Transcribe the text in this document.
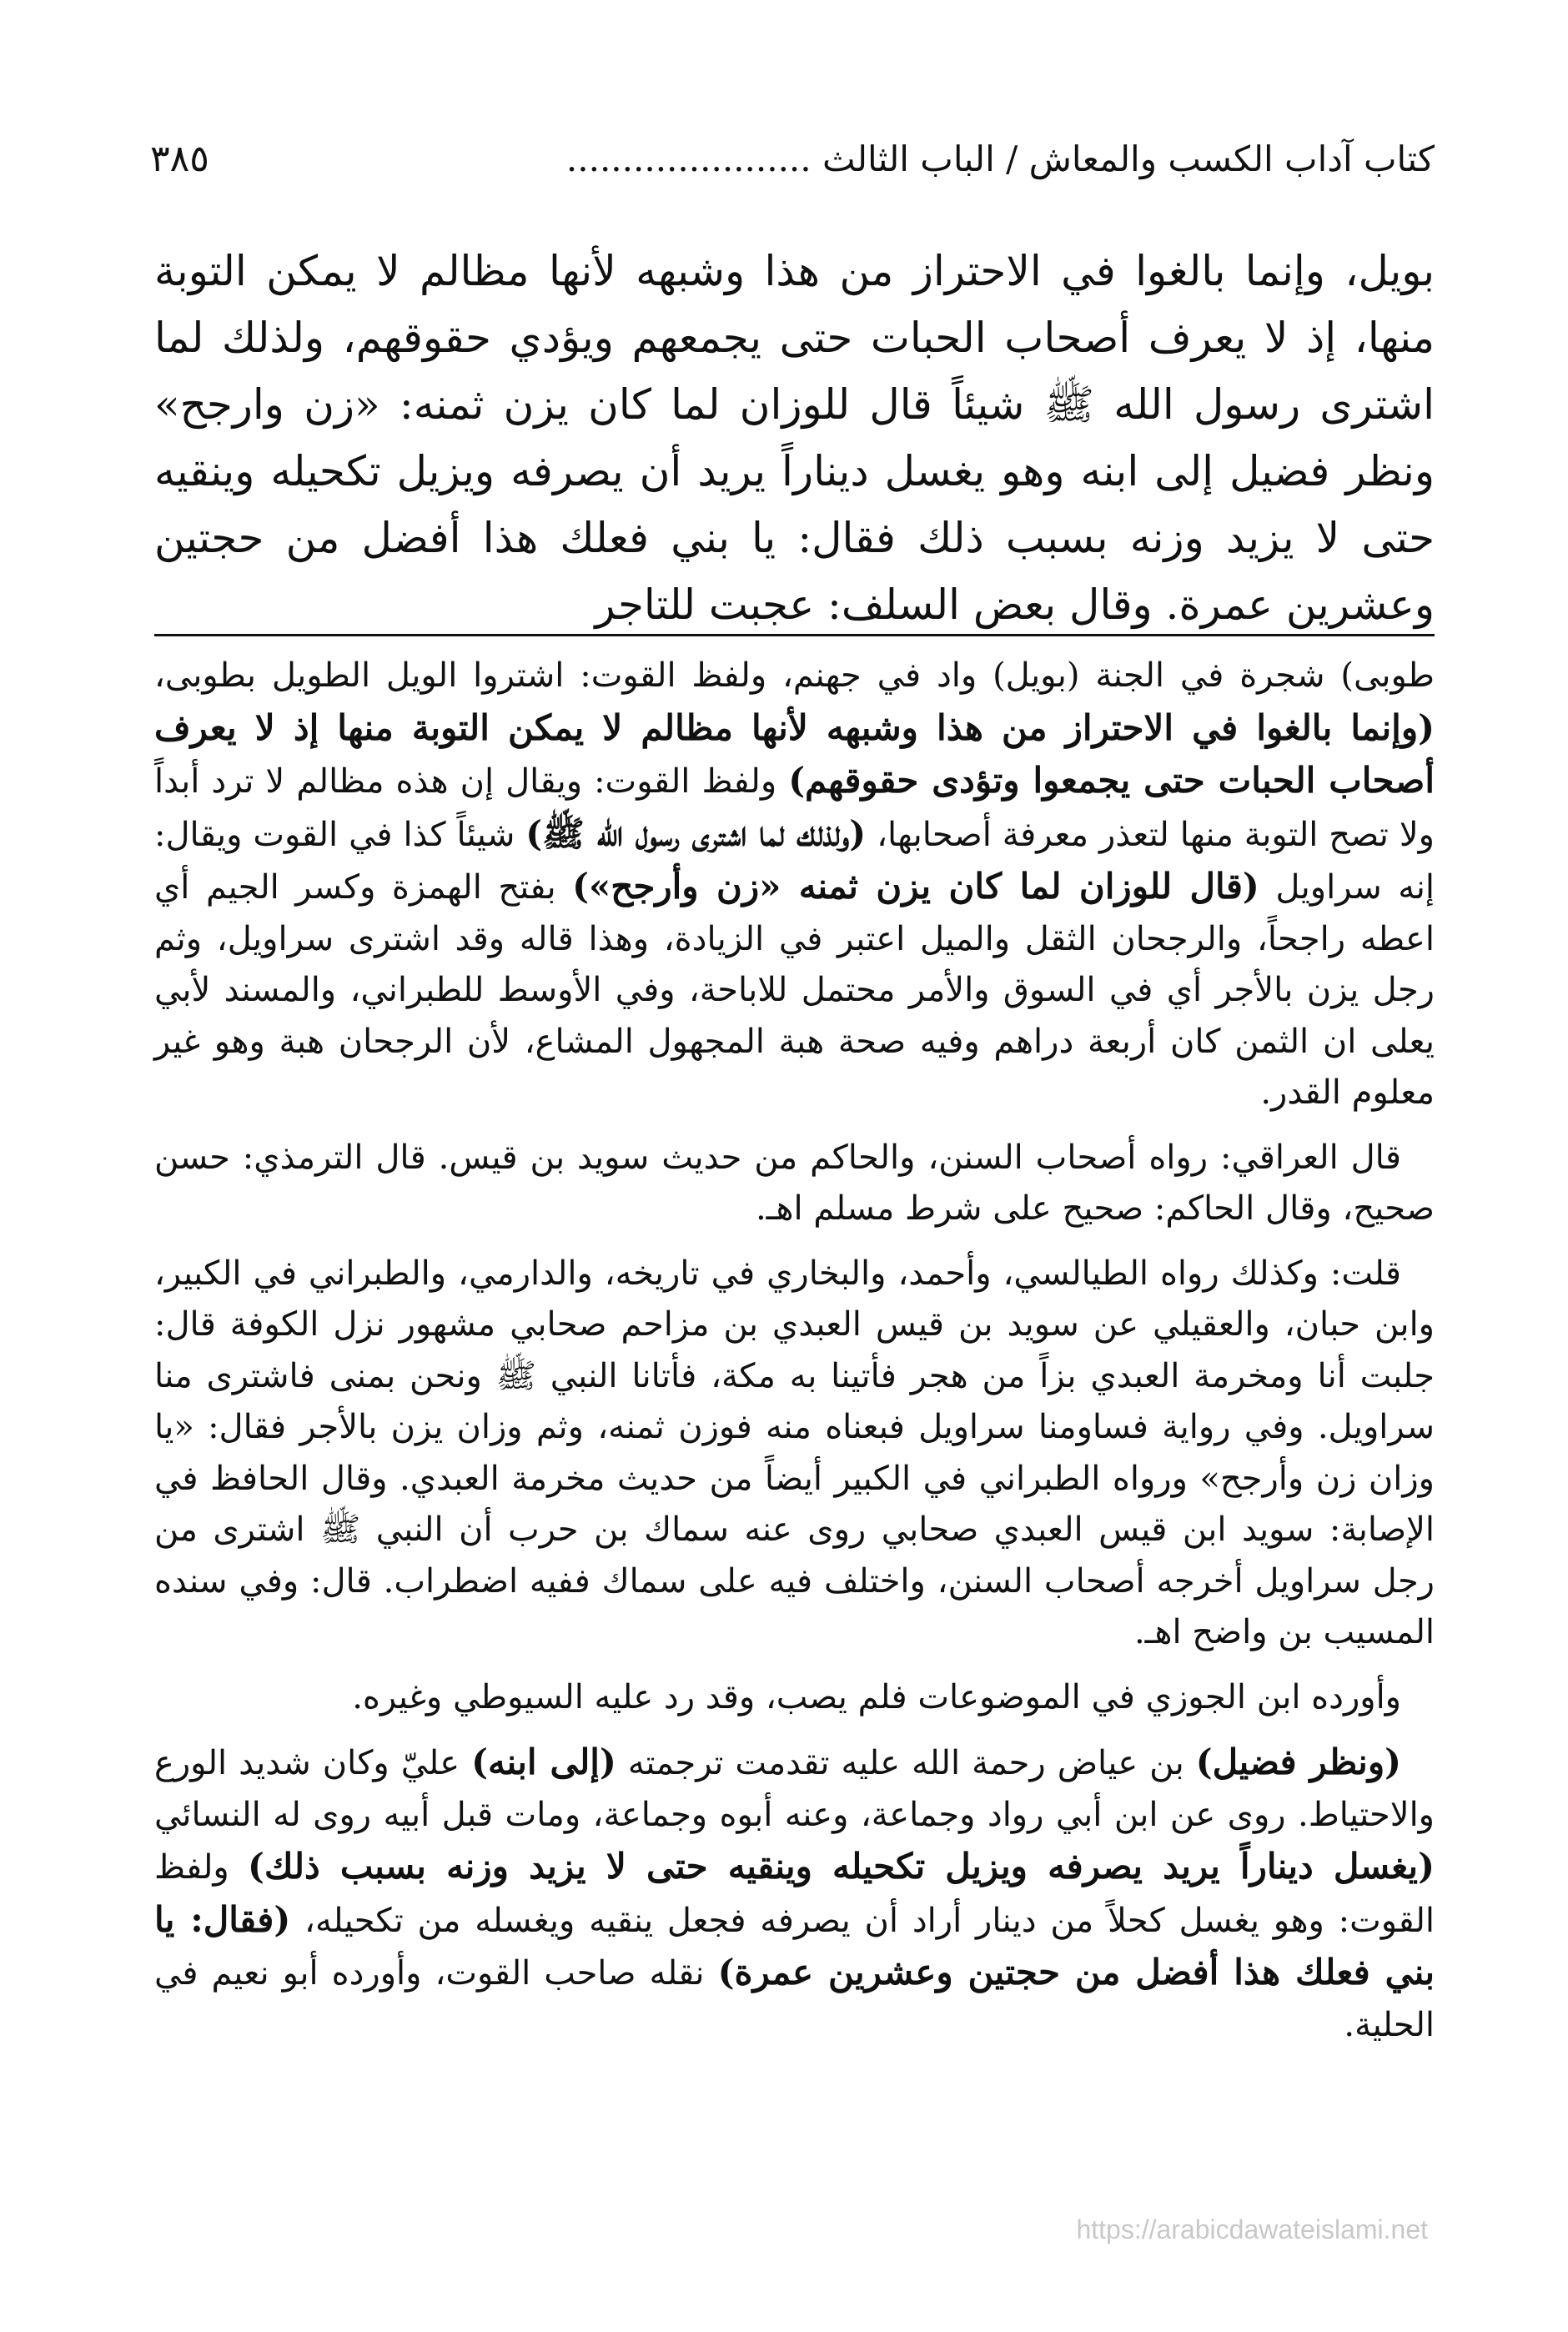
٣٨٥	كتاب آداب الكسب والمعاش / الباب الثالث ......................
بويل، وإنما بالغوا في الاحتراز من هذا وشبهه لأنها مظالم لا يمكن التوبة منها، إذ لا يعرف أصحاب الحبات حتى يجمعهم ويؤدي حقوقهم، ولذلك لما اشترى رسول الله ﷺ شيئاً قال للوزان لما كان يزن ثمنه: «زن وارجح» ونظر فضيل إلى ابنه وهو يغسل ديناراً يريد أن يصرفه ويزيل تكحيله وينقيه حتى لا يزيد وزنه بسبب ذلك فقال: يا بني فعلك هذا أفضل من حجتين وعشرين عمرة. وقال بعض السلف: عجبت للتاجر

طوبى) شجرة في الجنة (بويل) واد في جهنم، ولفظ القوت: اشتروا الويل الطويل بطوبى، (وإنما بالغوا في الاحتراز من هذا وشبهه لأنها مظالم لا يمكن التوبة منها إذ لا يعرف أصحاب الحبات حتى يجمعوا وتؤدى حقوقهم) ولفظ القوت: ويقال إن هذه مظالم لا ترد أبداً ولا تصح التوبة منها لتعذر معرفة أصحابها، (ولذلك لما اشترى رسول الله ﷺ) شيئاً كذا في القوت ويقال: إنه سراويل (قال للوزان لما كان يزن ثمنه «زن وأرجح») بفتح الهمزة وكسر الجيم أي اعطه راجحاً، والرجحان الثقل والميل اعتبر في الزيادة، وهذا قاله وقد اشترى سراويل، وثم رجل يزن بالأجر أي في السوق والأمر محتمل للاباحة، وفي الأوسط للطبراني، والمسند لأبي يعلى ان الثمن كان أربعة دراهم وفيه صحة هبة المجهول المشاع، لأن الرجحان هبة وهو غير معلوم القدر.

قال العراقي: رواه أصحاب السنن، والحاكم من حديث سويد بن قيس. قال الترمذي: حسن صحيح، وقال الحاكم: صحيح على شرط مسلم اهـ.

قلت: وكذلك رواه الطيالسي، وأحمد، والبخاري في تاريخه، والدارمي، والطبراني في الكبير، وابن حبان، والعقيلي عن سويد بن قيس العبدي بن مزاحم صحابي مشهور نزل الكوفة قال: جلبت أنا ومخرمة العبدي بزاً من هجر فأتينا به مكة، فأتانا النبي ﷺ ونحن بمنى فاشترى منا سراويل. وفي رواية فساومنا سراويل فبعناه منه فوزن ثمنه، وثم وزان يزن بالأجر فقال: «يا وزان زن وأرجح» ورواه الطبراني في الكبير أيضاً من حديث مخرمة العبدي. وقال الحافظ في الإصابة: سويد ابن قيس العبدي صحابي روى عنه سماك بن حرب أن النبي ﷺ اشترى من رجل سراويل أخرجه أصحاب السنن، واختلف فيه على سماك ففيه اضطراب. قال: وفي سنده المسيب بن واضح اهـ.

وأورده ابن الجوزي في الموضوعات فلم يصب، وقد رد عليه السيوطي وغيره.

(ونظر فضيل) بن عياض رحمة الله عليه تقدمت ترجمته (إلى ابنه) عليّ وكان شديد الورع والاحتياط. روى عن ابن أبي رواد وجماعة، وعنه أبوه وجماعة، ومات قبل أبيه روى له النسائي (يغسل ديناراً يريد يصرفه ويزيل تكحيله وينقيه حتى لا يزيد وزنه بسبب ذلك) ولفظ القوت: وهو يغسل كحلاً من دينار أراد أن يصرفه فجعل ينقيه ويغسله من تكحيله، (فقال: يا بني فعلك هذا أفضل من حجتين وعشرين عمرة) نقله صاحب القوت، وأورده أبو نعيم في الحلية.

https://arabicdawateislami.net
